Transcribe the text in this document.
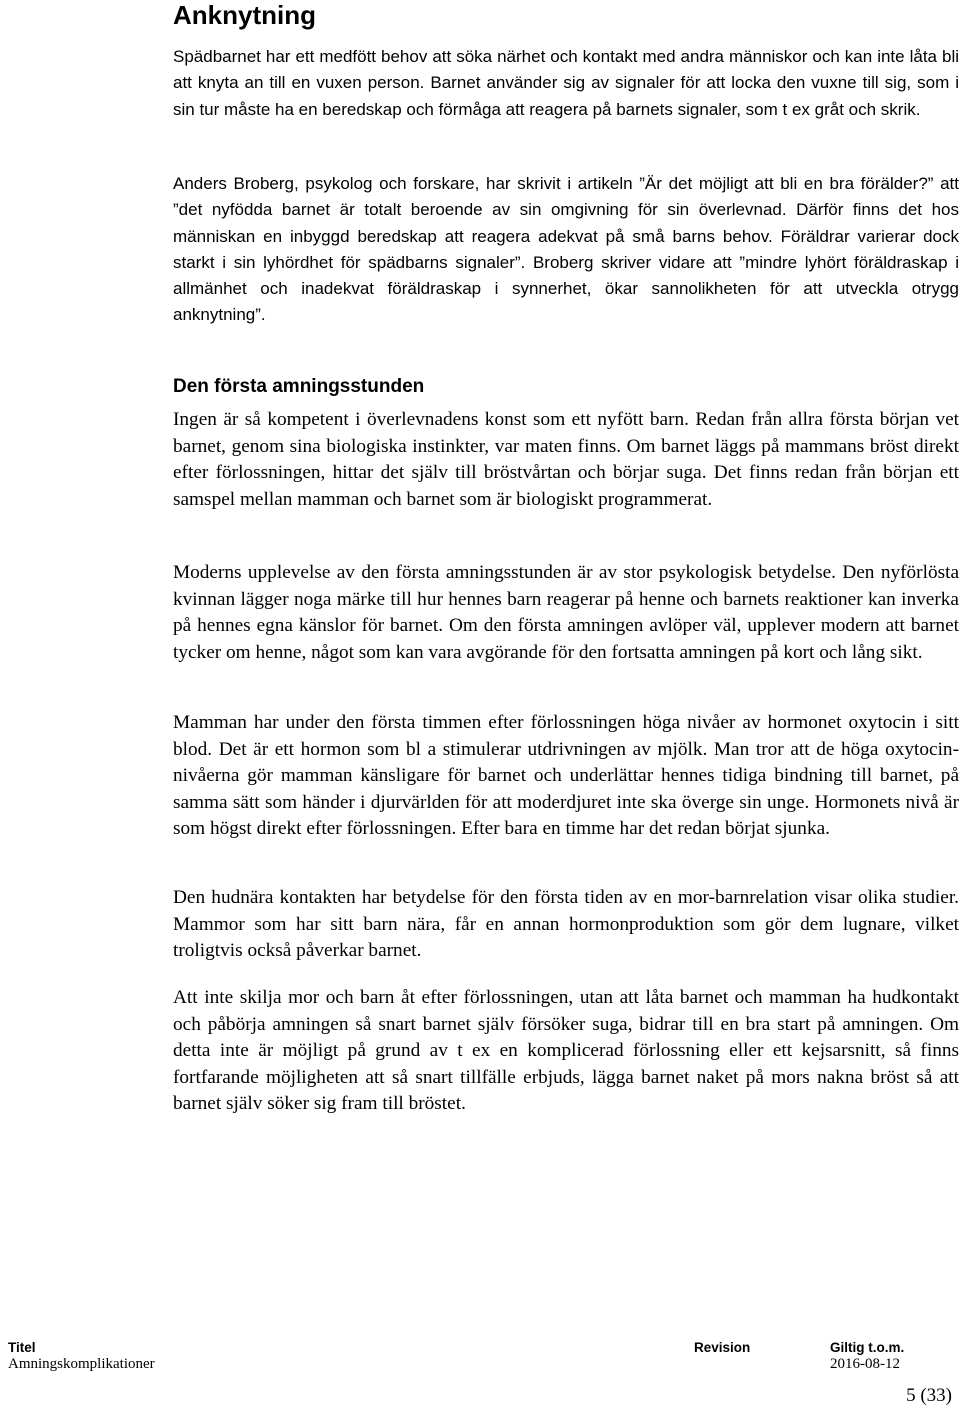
Anknytning

Spädbarnet har ett medfött behov att söka närhet och kontakt med andra människor och kan inte låta bli att knyta an till en vuxen person. Barnet använder sig av signaler för att locka den vuxne till sig, som i sin tur måste ha en beredskap och förmåga att reagera på barnets signaler, som t ex gråt och skrik.

Anders Broberg, psykolog och forskare, har skrivit i artikeln ”Är det möjligt att bli en bra förälder?” att ”det nyfödda barnet är totalt beroende av sin omgivning för sin överlevnad. Därför finns det hos människan en inbyggd beredskap att reagera adekvat på små barns behov. Föräldrar varierar dock starkt i sin lyhördhet för spädbarns signaler”. Broberg skriver vidare att ”mindre lyhört föräldraskap i allmänhet och inadekvat föräldraskap i synnerhet, ökar sannolikheten för att utveckla otrygg anknytning”.

Den första amningsstunden

Ingen är så kompetent i överlevnadens konst som ett nyfött barn. Redan från allra första början vet barnet, genom sina biologiska instinkter, var maten finns. Om barnet läggs på mammans bröst direkt efter förlossningen, hittar det själv till bröstvårtan och börjar suga. Det finns redan från början ett samspel mellan mamman och barnet som är biologiskt programmerat.

Moderns upplevelse av den första amningsstunden är av stor psykologisk betydelse. Den nyförlösta kvinnan lägger noga märke till hur hennes barn reagerar på henne och barnets reaktioner kan inverka på hennes egna känslor för barnet. Om den första amningen avlöper väl, upplever modern att barnet tycker om henne, något som kan vara avgörande för den fortsatta amningen på kort och lång sikt.

Mamman har under den första timmen efter förlossningen höga nivåer av hormonet oxytocin i sitt blod. Det är ett hormon som bl a stimulerar utdrivningen av mjölk. Man tror att de höga oxytocin-nivåerna gör mamman känsligare för barnet och underlättar hennes tidiga bindning till barnet, på samma sätt som händer i djurvärlden för att moderdjuret inte ska överge sin unge. Hormonets nivå är som högst direkt efter förlossningen. Efter bara en timme har det redan börjat sjunka.

Den hudnära kontakten har betydelse för den första tiden av en mor-barnrelation visar olika studier. Mammor som har sitt barn nära, får en annan hormonproduktion som gör dem lugnare, vilket troligtvis också påverkar barnet.

Att inte skilja mor och barn åt efter förlossningen, utan att låta barnet och mamman ha hudkontakt och påbörja amningen så snart barnet själv försöker suga, bidrar till en bra start på amningen. Om detta inte är möjligt på grund av t ex en komplicerad förlossning eller ett kejsarsnitt, så finns fortfarande möjligheten att så snart tillfälle erbjuds, lägga barnet naket på mors nakna bröst så att barnet själv söker sig fram till bröstet.

Titel
Amningskomplikationer
Revision	Giltig t.o.m.
2016-08-12
5 (33)
